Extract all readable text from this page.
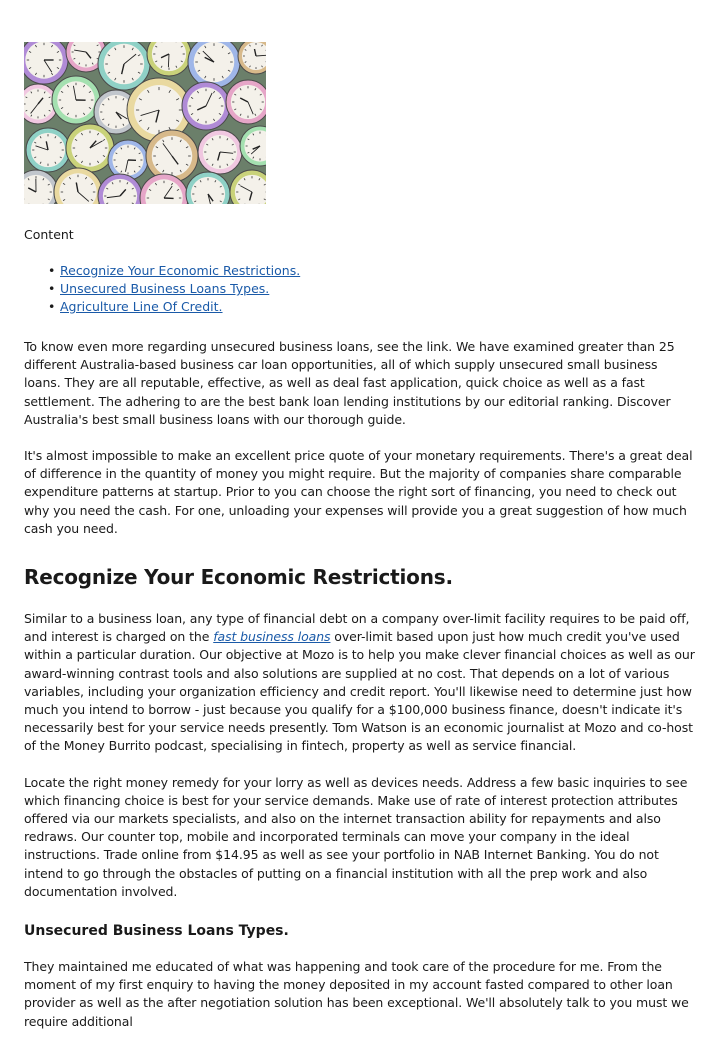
Content
• Recognize Your Economic Restrictions.
• Unsecured Business Loans Types.
• Agriculture Line Of Credit.

To know even more regarding unsecured business loans, see the link. We have examined greater than 25 different Australia-based business car loan opportunities, all of which supply unsecured small business loans. They are all reputable, effective, as well as deal fast application, quick choice as well as a fast settlement. The adhering to are the best bank loan lending institutions by our editorial ranking. Discover Australia's best small business loans with our thorough guide.

It's almost impossible to make an excellent price quote of your monetary requirements. There's a great deal of difference in the quantity of money you might require. But the majority of companies share comparable expenditure patterns at startup. Prior to you can choose the right sort of financing, you need to check out why you need the cash. For one, unloading your expenses will provide you a great suggestion of how much cash you need.

Recognize Your Economic Restrictions.

Similar to a business loan, any type of financial debt on a company over-limit facility requires to be paid off, and interest is charged on the fast business loans over-limit based upon just how much credit you've used within a particular duration. Our objective at Mozo is to help you make clever financial choices as well as our award-winning contrast tools and also solutions are supplied at no cost. That depends on a lot of various variables, including your organization efficiency and credit report. You'll likewise need to determine just how much you intend to borrow - just because you qualify for a $100,000 business finance, doesn't indicate it's necessarily best for your service needs presently. Tom Watson is an economic journalist at Mozo and co-host of the Money Burrito podcast, specialising in fintech, property as well as service financial.

Locate the right money remedy for your lorry as well as devices needs. Address a few basic inquiries to see which financing choice is best for your service demands. Make use of rate of interest protection attributes offered via our markets specialists, and also on the internet transaction ability for repayments and also redraws. Our counter top, mobile and incorporated terminals can move your company in the ideal instructions. Trade online from $14.95 as well as see your portfolio in NAB Internet Banking. You do not intend to go through the obstacles of putting on a financial institution with all the prep work and also documentation involved.

Unsecured Business Loans Types.

They maintained me educated of what was happening and took care of the procedure for me. From the moment of my first enquiry to having the money deposited in my account fasted compared to other loan provider as well as the after negotiation solution has been exceptional. We'll absolutely talk to you must we require additional
